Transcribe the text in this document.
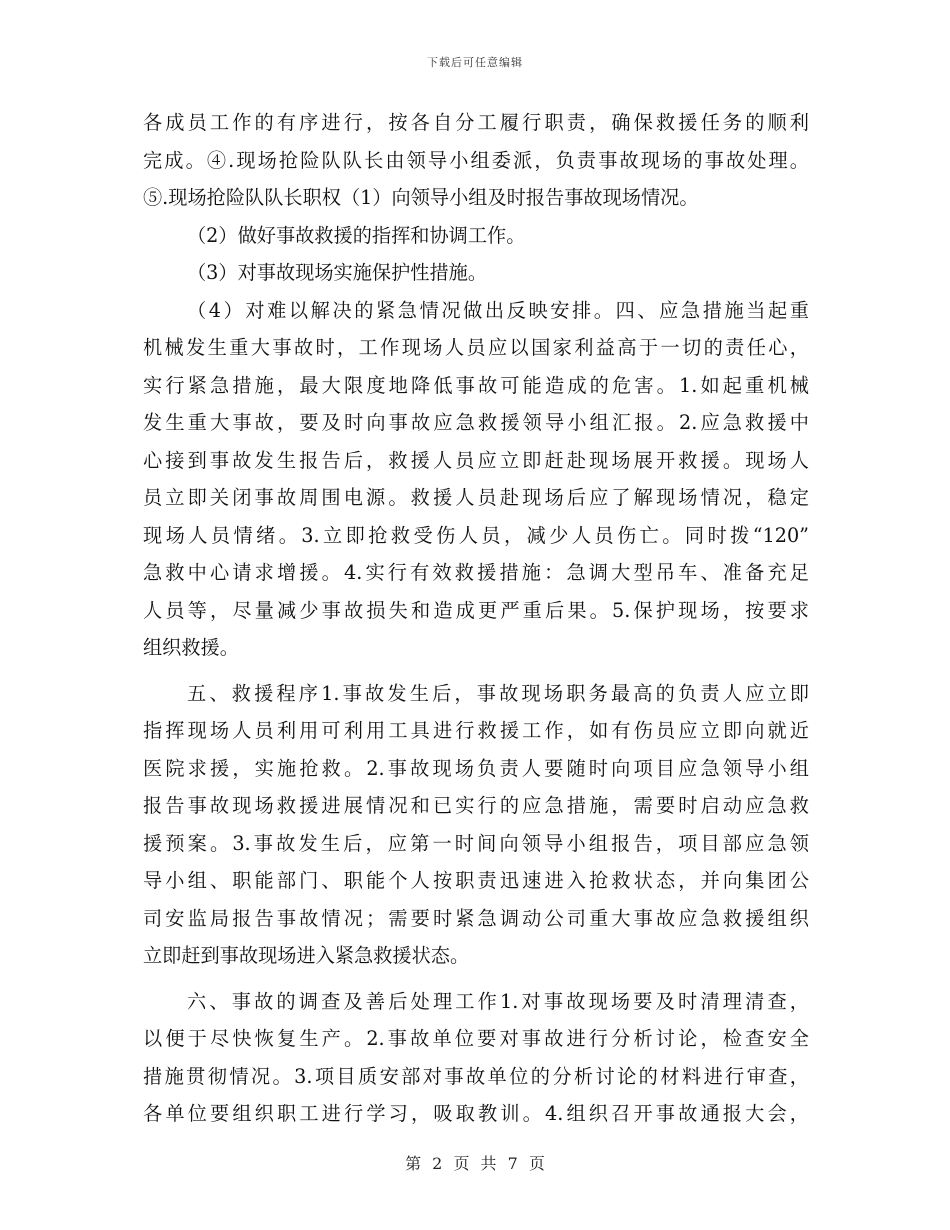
下载后可任意编辑
各成员工作的有序进行，按各自分工履行职责，确保救援任务的顺利
完成。④.现场抢险队队长由领导小组委派，负责事故现场的事故处理。
⑤.现场抢险队队长职权（1）向领导小组及时报告事故现场情况。
（2）做好事故救援的指挥和协调工作。
（3）对事故现场实施保护性措施。
（4）对难以解决的紧急情况做出反映安排。四、应急措施当起重
机械发生重大事故时，工作现场人员应以国家利益高于一切的责任心，
实行紧急措施，最大限度地降低事故可能造成的危害。1.如起重机械
发生重大事故，要及时向事故应急救援领导小组汇报。2.应急救援中
心接到事故发生报告后，救援人员应立即赶赴现场展开救援。现场人
员立即关闭事故周围电源。救援人员赴现场后应了解现场情况，稳定
现场人员情绪。3.立即抢救受伤人员，减少人员伤亡。同时拨“120”
急救中心请求增援。4.实行有效救援措施：急调大型吊车、准备充足
人员等，尽量减少事故损失和造成更严重后果。5.保护现场，按要求
组织救援。
五、救援程序1.事故发生后，事故现场职务最高的负责人应立即
指挥现场人员利用可利用工具进行救援工作，如有伤员应立即向就近
医院求援，实施抢救。2.事故现场负责人要随时向项目应急领导小组
报告事故现场救援进展情况和已实行的应急措施，需要时启动应急救
援预案。3.事故发生后，应第一时间向领导小组报告，项目部应急领
导小组、职能部门、职能个人按职责迅速进入抢救状态，并向集团公
司安监局报告事故情况；需要时紧急调动公司重大事故应急救援组织
立即赶到事故现场进入紧急救援状态。
六、事故的调查及善后处理工作1.对事故现场要及时清理清查，
以便于尽快恢复生产。2.事故单位要对事故进行分析讨论，检查安全
措施贯彻情况。3.项目质安部对事故单位的分析讨论的材料进行审查，
各单位要组织职工进行学习，吸取教训。4.组织召开事故通报大会，
第 2 页 共 7 页
